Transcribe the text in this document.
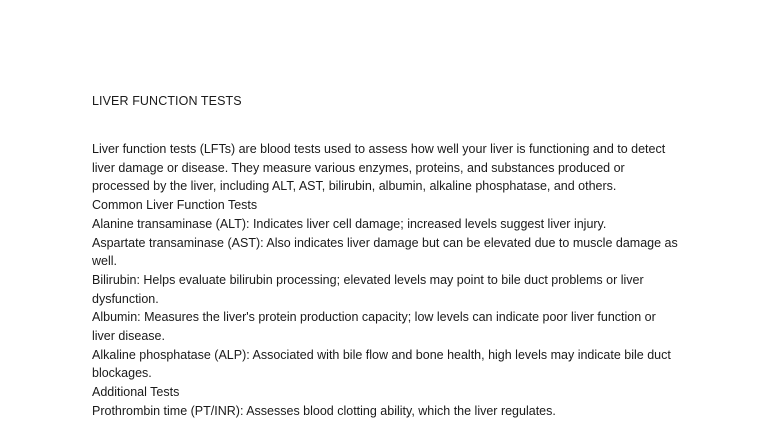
LIVER FUNCTION TESTS

Liver function tests (LFTs) are blood tests used to assess how well your liver is functioning and to detect liver damage or disease. They measure various enzymes, proteins, and substances produced or processed by the liver, including ALT, AST, bilirubin, albumin, alkaline phosphatase, and others.

Common Liver Function Tests

Alanine transaminase (ALT): Indicates liver cell damage; increased levels suggest liver injury.

Aspartate transaminase (AST): Also indicates liver damage but can be elevated due to muscle damage as well.

Bilirubin: Helps evaluate bilirubin processing; elevated levels may point to bile duct problems or liver dysfunction.

Albumin: Measures the liver's protein production capacity; low levels can indicate poor liver function or liver disease.

Alkaline phosphatase (ALP): Associated with bile flow and bone health, high levels may indicate bile duct blockages.

Additional Tests

Prothrombin time (PT/INR): Assesses blood clotting ability, which the liver regulates.
